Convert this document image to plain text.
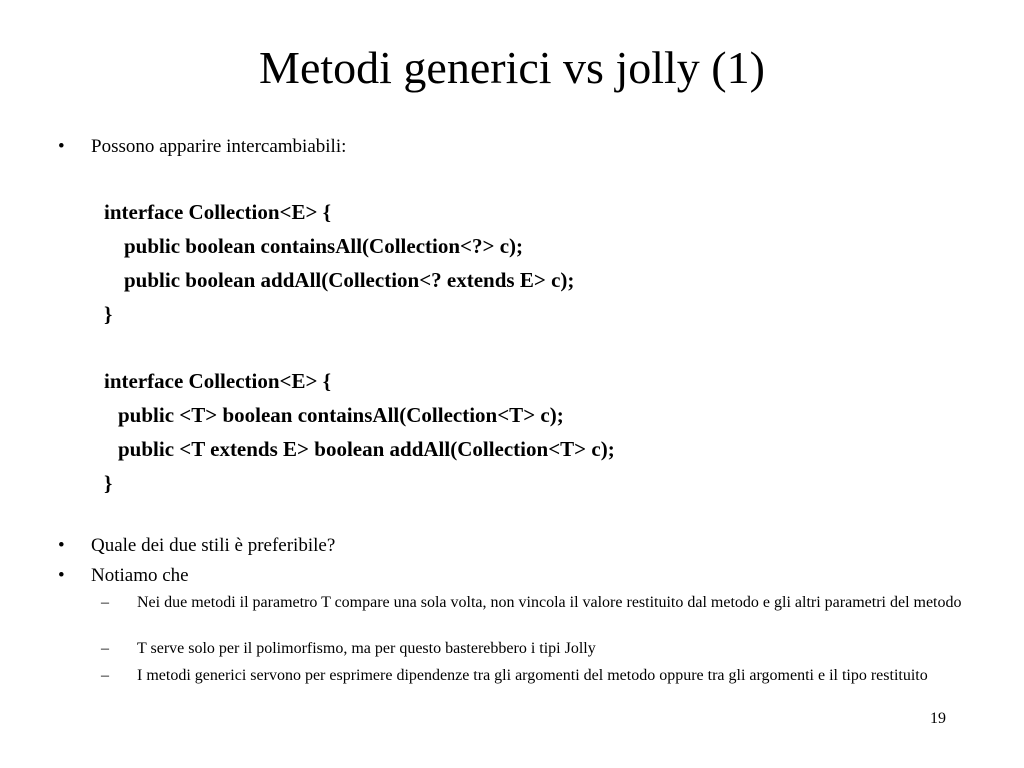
Metodi generici vs jolly (1)
•	Possono apparire intercambiabili:
interface Collection<E> {
public boolean containsAll(Collection<?> c);
public boolean addAll(Collection<? extends E> c);
}
interface Collection<E> {
public <T> boolean containsAll(Collection<T> c);
public <T extends E> boolean addAll(Collection<T> c);
}
•	Quale dei due stili è preferibile?
•	Notiamo che
– Nei due metodi il parametro T compare una sola volta, non vincola il valore restituito dal metodo e gli altri parametri del metodo
– T serve solo per il polimorfismo, ma per questo basterebbero i tipi Jolly
– I metodi generici servono per esprimere dipendenze tra gli argomenti del metodo oppure tra gli argomenti e il tipo restituito
19
